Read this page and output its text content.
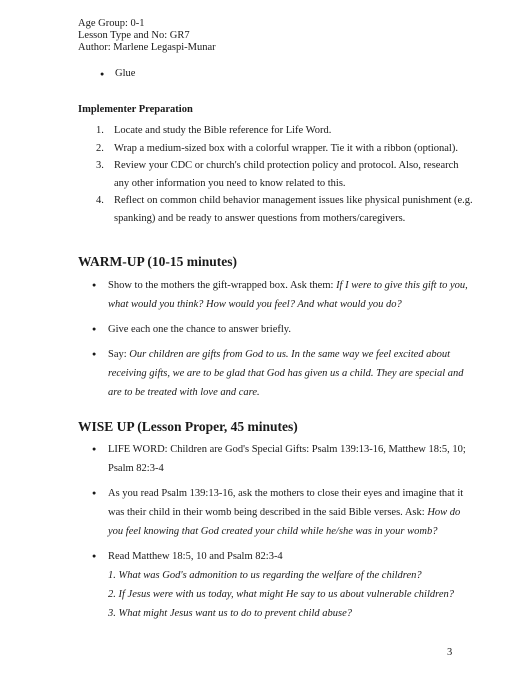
Age Group: 0-1
Lesson Type and No: GR7
Author: Marlene Legaspi-Munar
● Glue
Implementer Preparation
1. Locate and study the Bible reference for Life Word.
2. Wrap a medium-sized box with a colorful wrapper. Tie it with a ribbon (optional).
3. Review your CDC or church's child protection policy and protocol. Also, research any other information you need to know related to this.
4. Reflect on common child behavior management issues like physical punishment (e.g. spanking) and be ready to answer questions from mothers/caregivers.
WARM-UP (10-15 minutes)
● Show to the mothers the gift-wrapped box. Ask them: If I were to give this gift to you, what would you think? How would you feel? And what would you do?
● Give each one the chance to answer briefly.
● Say: Our children are gifts from God to us. In the same way we feel excited about receiving gifts, we are to be glad that God has given us a child. They are special and are to be treated with love and care.
WISE UP (Lesson Proper, 45 minutes)
● LIFE WORD: Children are God's Special Gifts: Psalm 139:13-16, Matthew 18:5, 10; Psalm 82:3-4
● As you read Psalm 139:13-16, ask the mothers to close their eyes and imagine that it was their child in their womb being described in the said Bible verses. Ask: How do you feel knowing that God created your child while he/she was in your womb?
● Read Matthew 18:5, 10 and Psalm 82:3-4
1. What was God's admonition to us regarding the welfare of the children?
2. If Jesus were with us today, what might He say to us about vulnerable children?
3. What might Jesus want us to do to prevent child abuse?
3
